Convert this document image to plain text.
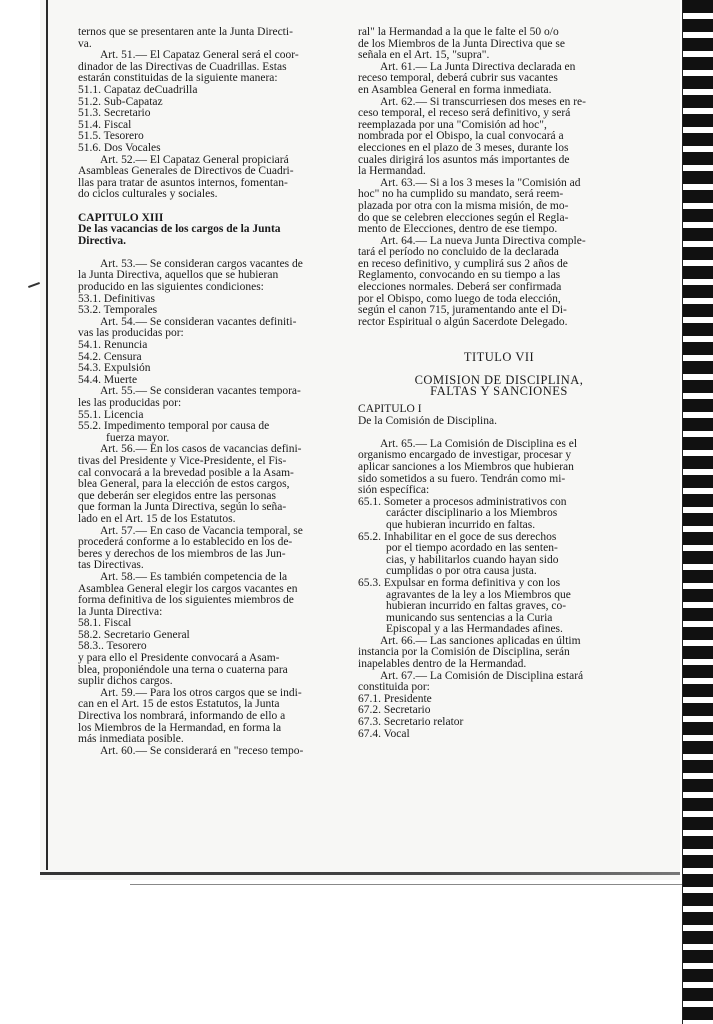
ternos que se presentaren ante la Junta Directi-
va.
Art. 51.— El Capataz General será el coor-
dinador de las Directivas de Cuadrillas. Estas
estarán constituidas de la siguiente manera:
51.1. Capataz deCuadrilla
51.2. Sub-Capataz
51.3. Secretario
51.4. Fiscal
51.5. Tesorero
51.6. Dos Vocales
Art. 52.— El Capataz General propiciará
Asambleas Generales de Directivos de Cuadri-
llas para tratar de asuntos internos, fomentan-
do ciclos culturales y sociales.
CAPITULO XIII
De las vacancias de los cargos de la Junta
Directiva.
Art. 53.— Se consideran cargos vacantes de
la Junta Directiva, aquellos que se hubieran
producido en las siguientes condiciones:
53.1. Definitivas
53.2. Temporales
Art. 54.— Se consideran vacantes definiti-
vas las producidas por:
54.1. Renuncia
54.2. Censura
54.3. Expulsión
54.4. Muerte
Art. 55.— Se consideran vacantes tempora-
les las producidas por:
55.1. Licencia
55.2. Impedimento temporal por causa de
fuerza mayor.
Art. 56.— En los casos de vacancias defini-
tivas del Presidente y Vice-Presidente, el Fis-
cal convocará a la brevedad posible a la Asam-
blea General, para la elección de estos cargos,
que deberán ser elegidos entre las personas
que forman la Junta Directiva, según lo seña-
lado en el Art. 15 de los Estatutos.
Art. 57.— En caso de Vacancia temporal, se
procederá conforme a lo establecido en los de-
beres y derechos de los miembros de las Jun-
tas Directivas.
Art. 58.— Es también competencia de la
Asamblea General elegir los cargos vacantes en
forma definitiva de los siguientes miembros de
la Junta Directiva:
58.1. Fiscal
58.2. Secretario General
58.3.. Tesorero
y para ello el Presidente convocará a Asam-
blea, proponiéndole una terna o cuaterna para
suplir dichos cargos.
Art. 59.— Para los otros cargos que se indi-
can en el Art. 15 de estos Estatutos, la Junta
Directiva los nombrará, informando de ello a
los Miembros de la Hermandad, en forma la
más inmediata posible.
Art. 60.— Se considerará en "receso tempo-
ral" la Hermandad a la que le falte el 50 o/o
de los Miembros de la Junta Directiva que se
señala en el Art. 15, "supra".
Art. 61.— La Junta Directiva declarada en
receso temporal, deberá cubrir sus vacantes
en Asamblea General en forma inmediata.
Art. 62.— Si transcurriesen dos meses en re-
ceso temporal, el receso será definitivo, y será
reemplazada por una "Comisión ad hoc",
nombrada por el Obispo, la cual convocará a
elecciones en el plazo de 3 meses, durante los
cuales dirigirá los asuntos más importantes de
la Hermandad.
Art. 63.— Si a los 3 meses la "Comisión ad
hoc" no ha cumplido su mandato, será reem-
plazada por otra con la misma misión, de mo-
do que se celebren elecciones según el Regla-
mento de Elecciones, dentro de ese tiempo.
Art. 64.— La nueva Junta Directiva comple-
tará el período no concluido de la declarada
en receso definitivo, y cumplirá sus 2 años de
Reglamento, convocando en su tiempo a las
elecciones normales. Deberá ser confirmada
por el Obispo, como luego de toda elección,
según el canon 715, juramentando ante el Di-
rector Espiritual o algún Sacerdote Delegado.
TITULO VII
COMISION DE DISCIPLINA,
FALTAS Y SANCIONES
CAPITULO I
De la Comisión de Disciplina.
Art. 65.— La Comisión de Disciplina es el
organismo encargado de investigar, procesar y
aplicar sanciones a los Miembros que hubieran
sido sometidos a su fuero. Tendrán como mi-
sión específica:
65.1. Someter a procesos administrativos con
carácter disciplinario a los Miembros
que hubieran incurrido en faltas.
65.2. Inhabilitar en el goce de sus derechos
por el tiempo acordado en las senten-
cias, y habilitarlos cuando hayan sido
cumplidas o por otra causa justa.
65.3. Expulsar en forma definitiva y con los
agravantes de la ley a los Miembros que
hubieran incurrido en faltas graves, co-
municando sus sentencias a la Curia
Episcopal y a las Hermandades afines.
Art. 66.— Las sanciones aplicadas en últim
instancia por la Comisión de Disciplina, serán
inapelables dentro de la Hermandad.
Art. 67.— La Comisión de Disciplina estará
constituida por:
67.1. Presidente
67.2. Secretario
67.3. Secretario relator
67.4. Vocal
